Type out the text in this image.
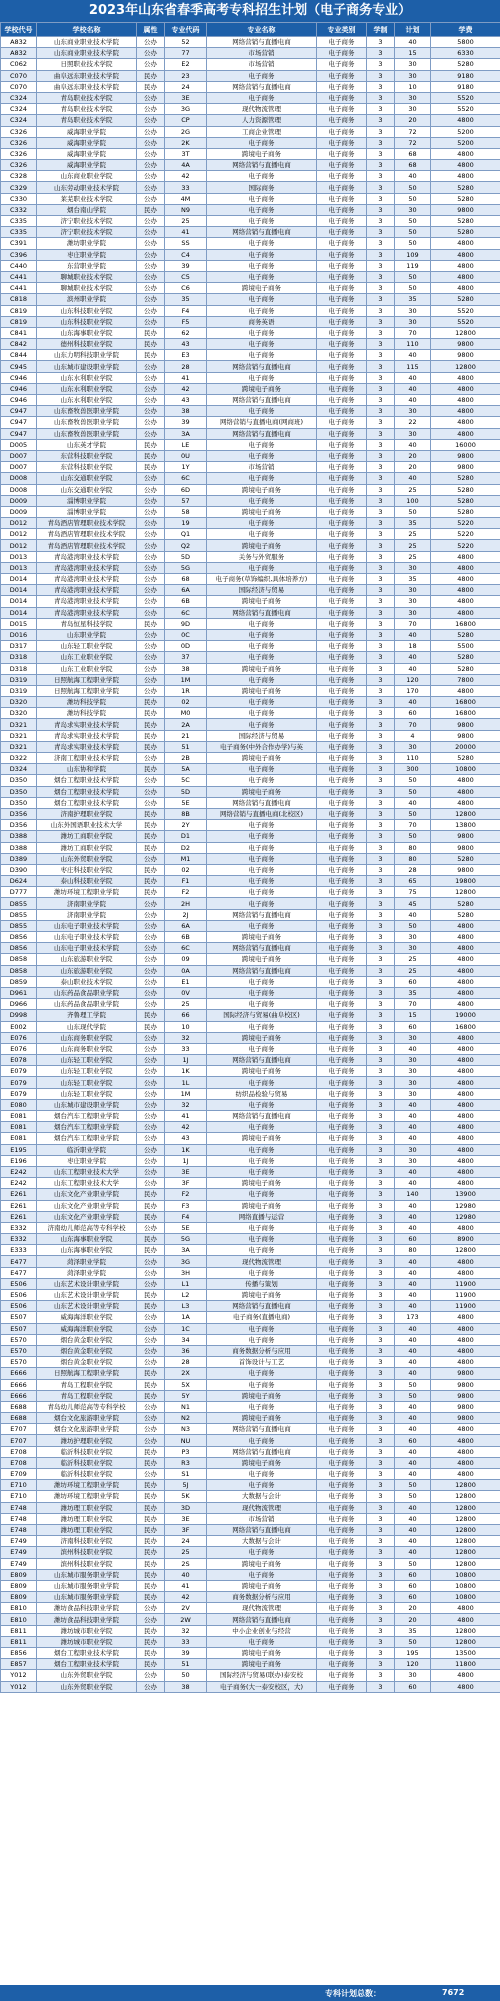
2023年山东省春季高考专科招生计划（电子商务专业）
学校代号	学校名称	属性	专业代码	专业名称	专业类别	学制	计划	学费
A832	山东商业职业技术学院	公办	52	网络营销与直播电商	电子商务	3	40	5800
A832	山东商业职业技术学院	公办	77	市场营销	电子商务	3	15	6330
C062	日照职业技术学院	公办	E2	市场营销	电子商务	3	30	5280
C070	曲阜远东职业技术学院	民办	23	电子商务	电子商务	3	30	9180
C070	曲阜远东职业技术学院	民办	24	网络营销与直播电商	电子商务	3	10	9180
C324	青岛职业技术学院	公办	3E	电子商务	电子商务	3	30	5520
C324	青岛职业技术学院	公办	3G	现代物流管理	电子商务	3	30	5520
C324	青岛职业技术学院	公办	CP	人力资源管理	电子商务	3	20	4800
C326	威海职业学院	公办	2G	工商企业管理	电子商务	3	72	5200
C326	威海职业学院	公办	2K	电子商务	电子商务	3	72	5200
C326	威海职业学院	公办	3T	跨境电子商务	电子商务	3	68	4800
C326	威海职业学院	公办	4A	网络营销与直播电商	电子商务	3	68	4800
C328	山东商业职业学院	公办	42	电子商务	电子商务	3	40	4800
C329	山东劳动职业技术学院	公办	33	国际商务	电子商务	3	50	5280
C330	莱芜职业技术学院	公办	4M	电子商务	电子商务	3	50	5280
C332	烟台南山学院	民办	N9	电子商务	电子商务	3	30	9800
C335	济宁职业技术学院	公办	25	电子商务	电子商务	3	50	5280
C335	济宁职业技术学院	公办	41	网络营销与直播电商	电子商务	3	50	5280
C391	潍坊职业学院	公办	SS	电子商务	电子商务	3	50	4800
C396	枣庄职业学院	公办	C4	电子商务	电子商务	3	109	4800
C440	东营职业学院	公办	39	电子商务	电子商务	3	119	4800
C441	聊城职业技术学院	公办	C5	电子商务	电子商务	3	50	4800
C441	聊城职业技术学院	公办	C6	跨境电子商务	电子商务	3	50	4800
C818	滨州职业学院	公办	35	电子商务	电子商务	3	35	5280
C819	山东科技职业学院	公办	F4	电子商务	电子商务	3	30	5520
C819	山东科技职业学院	公办	F5	商务英语	电子商务	3	30	5520
C841	山东海事职业学院	民办	62	电子商务	电子商务	3	70	12800
C842	德州科技职业学院	民办	43	电子商务	电子商务	3	110	9800
C844	山东力明科技职业学院	民办	E3	电子商务	电子商务	3	40	9800
C945	山东城市建设职业学院	公办	28	网络营销与直播电商	电子商务	3	115	12800
C946	山东水利职业学院	公办	41	电子商务	电子商务	3	40	4800
C946	山东水利职业学院	公办	42	跨境电子商务	电子商务	3	40	4800
C946	山东水利职业学院	公办	43	网络营销与直播电商	电子商务	3	40	4800
C947	山东畜牧兽医职业学院	公办	38	电子商务	电子商务	3	30	4800
C947	山东畜牧兽医职业学院	公办	39	网络营销与直播电商(网商班)	电子商务	3	22	4800
C947	山东畜牧兽医职业学院	公办	3A	网络营销与直播电商	电子商务	3	30	4800
D005	山东英才学院	民办	LE	电子商务	电子商务	3	40	16000
D007	东营科技职业学院	民办	0U	电子商务	电子商务	3	20	9800
D007	东营科技职业学院	民办	1Y	市场营销	电子商务	3	20	9800
D008	山东交通职业学院	公办	6C	电子商务	电子商务	3	40	5280
D008	山东交通职业学院	公办	6D	跨境电子商务	电子商务	3	25	5280
D009	淄博职业学院	公办	57	电子商务	电子商务	3	100	5280
D009	淄博职业学院	公办	58	跨境电子商务	电子商务	3	50	5280
D012	青岛酒店管理职业技术学院	公办	19	电子商务	电子商务	3	35	5220
D012	青岛酒店管理职业技术学院	公办	Q1	电子商务	电子商务	3	25	5220
D012	青岛酒店管理职业技术学院	公办	Q2	跨境电子商务	电子商务	3	25	5220
D013	青岛港湾职业技术学院	公办	5D	关务与外贸服务	电子商务	3	25	4800
D013	青岛港湾职业技术学院	公办	5G	电子商务	电子商务	3	30	4800
D014	青岛港湾职业技术学院	公办	68	电子商务(草饰编织,具体培养方)	电子商务	3	35	4800
D014	青岛港湾职业技术学院	公办	6A	国际经济与贸易	电子商务	3	30	4800
D014	青岛港湾职业技术学院	公办	6B	跨境电子商务	电子商务	3	30	4800
D014	青岛港湾职业技术学院	公办	6C	网络营销与直播电商	电子商务	3	30	4800
D015	青岛恒星科技学院	民办	9D	电子商务	电子商务	3	70	16800
D016	山东职业学院	公办	0C	电子商务	电子商务	3	40	5280
D317	山东轻工职业学院	公办	0D	电子商务	电子商务	3	18	5500
D318	山东工业职业学院	公办	37	电子商务	电子商务	3	40	5280
D318	山东工业职业学院	公办	38	跨境电子商务	电子商务	3	40	5280
D319	日照航海工程职业学院	公办	1M	电子商务	电子商务	3	120	7800
D319	日照航海工程职业学院	公办	1R	跨境电子商务	电子商务	3	170	4800
D320	潍坊科技学院	民办	02	电子商务	电子商务	3	40	16800
D320	潍坊科技学院	民办	M0	电子商务	电子商务	3	60	16800
D321	青岛求实职业技术学院	民办	2A	电子商务	电子商务	3	70	9800
D321	青岛求实职业技术学院	民办	21	国际经济与贸易	电子商务	3	4	9800
D321	青岛求实职业技术学院	民办	51	电子商务(中外合作办学)与英	电子商务	3	30	20000
D322	济南工程职业技术学院	公办	2B	跨境电子商务	电子商务	3	110	5280
D324	山东协和学院	民办	5A	电子商务	电子商务	3	300	10800
D350	烟台工程职业技术学院	公办	5C	电子商务	电子商务	3	50	4800
D350	烟台工程职业技术学院	公办	5D	跨境电子商务	电子商务	3	50	4800
D350	烟台工程职业技术学院	公办	5E	网络营销与直播电商	电子商务	3	40	4800
D356	济南护理职业学院	民办	8B	网络营销与直播电商(北校区)	电子商务	3	50	12800
D356	山东外国语职业技术大学	民办	2Y	电子商务	电子商务	3	70	13800
D388	潍坊工商职业学院	民办	D1	电子商务	电子商务	3	50	9800
D388	潍坊工商职业学院	民办	D2	电子商务	电子商务	3	80	9800
D389	山东外贸职业学院	公办	M1	电子商务	电子商务	3	80	5280
D390	枣庄科技职业学院	民办	02	电子商务	电子商务	3	28	9800
D624	泰山科技职业学院	民办	F1	电子商务	电子商务	3	65	19800
D777	潍坊环境工程职业学院	民办	F2	电子商务	电子商务	3	75	12800
D855	济南职业学院	公办	2H	电子商务	电子商务	3	45	5280
D855	济南职业学院	公办	2J	网络营销与直播电商	电子商务	3	40	5280
D855	山东电子职业技术学院	公办	6A	电子商务	电子商务	3	50	4800
D856	山东电子职业技术学院	公办	6B	跨境电子商务	电子商务	3	30	4800
D856	山东电子职业技术学院	公办	6C	网络营销与直播电商	电子商务	3	30	4800
D858	山东旅游职业学院	公办	09	跨境电子商务	电子商务	3	25	4800
D858	山东旅游职业学院	公办	0A	网络营销与直播电商	电子商务	3	25	4800
D859	泰山职业技术学院	公办	E1	电子商务	电子商务	3	60	4800
D961	山东药品食品职业学院	公办	0V	电子商务	电子商务	3	35	4800
D966	山东药品食品职业学院	公办	25	电子商务	电子商务	3	70	4800
D998	齐鲁理工学院	民办	66	国际经济与贸易(曲阜校区)	电子商务	3	15	19000
E002	山东现代学院	民办	10	电子商务	电子商务	3	60	16800
E076	山东商务职业学院	公办	32	跨境电子商务	电子商务	3	30	4800
E076	山东商务职业学院	公办	33	电子商务	电子商务	3	40	4800
E078	山东轻工职业学院	公办	1J	网络营销与直播电商	电子商务	3	30	4800
E079	山东轻工职业学院	公办	1K	跨境电子商务	电子商务	3	30	4800
E079	山东轻工职业学院	公办	1L	电子商务	电子商务	3	30	4800
E079	山东轻工职业学院	公办	1M	纺织品检验与贸易	电子商务	3	30	4800
E080	山东城市建设职业学院	公办	32	电子商务	电子商务	3	40	4800
E081	烟台汽车工程职业学院	公办	41	网络营销与直播电商	电子商务	3	40	4800
E081	烟台汽车工程职业学院	公办	42	电子商务	电子商务	3	40	4800
E081	烟台汽车工程职业学院	公办	43	跨境电子商务	电子商务	3	40	4800
E195	临沂职业学院	公办	1K	电子商务	电子商务	3	30	4800
E196	枣庄职业学院	公办	1J	电子商务	电子商务	3	30	4800
E242	山东工程职业技术大学	公办	3E	电子商务	电子商务	3	40	4800
E242	山东工程职业技术大学	公办	3F	跨境电子商务	电子商务	3	40	4800
E261	山东文化产业职业学院	民办	F2	电子商务	电子商务	3	140	13900
E261	山东文化产业职业学院	民办	F3	跨境电子商务	电子商务	3	40	12980
E261	山东文化产业职业学院	民办	F4	网络直播与运营	电子商务	3	40	12980
E332	济南幼儿师范高等专科学校	公办	5E	电子商务	电子商务	3	40	4800
E332	山东海事职业学院	民办	5G	电子商务	电子商务	3	60	8900
E333	山东海事职业学院	民办	3A	电子商务	电子商务	3	80	12800
E477	菏泽职业学院	公办	3G	现代物流管理	电子商务	3	40	4800
E477	菏泽职业学院	公办	3H	电子商务	电子商务	3	40	4800
E506	山东艺术设计职业学院	公办	L1	传播与策划	电子商务	3	40	11900
E506	山东艺术设计职业学院	民办	L2	跨境电子商务	电子商务	3	40	11900
E506	山东艺术设计职业学院	民办	L3	网络营销与直播电商	电子商务	3	40	11900
E507	威海海洋职业学院	公办	1A	电子商务(直播电商)	电子商务	3	173	4800
E507	威海海洋职业学院	公办	1C	电子商务	电子商务	3	40	4800
E570	烟台黄金职业学院	公办	34	电子商务	电子商务	3	40	4800
E570	烟台黄金职业学院	公办	36	商务数据分析与应用	电子商务	3	40	4800
E570	烟台黄金职业学院	公办	28	首饰设计与工艺	电子商务	3	40	4800
E666	日照航海工程职业学院	民办	2X	电子商务	电子商务	3	40	9800
E666	青岛工程职业学院	民办	5X	电子商务	电子商务	3	50	9800
E666	青岛工程职业学院	民办	5Y	跨境电子商务	电子商务	3	50	9800
E688	青岛幼儿师范高等专科学校	公办	N1	电子商务	电子商务	3	40	9800
E688	烟台文化旅游职业学院	公办	N2	跨境电子商务	电子商务	3	40	9800
E707	烟台文化旅游职业学院	公办	N3	网络营销与直播电商	电子商务	3	40	4800
E707	潍坊护理职业学院	公办	NU	电子商务	电子商务	3	60	4800
E708	临沂科技职业学院	民办	P3	网络营销与直播电商	电子商务	3	40	4800
E708	临沂科技职业学院	民办	R3	跨境电子商务	电子商务	3	40	4800
E709	临沂科技职业学院	公办	S1	电子商务	电子商务	3	40	4800
E710	潍坊环境工程职业学院	民办	5J	电子商务	电子商务	3	50	12800
E710	潍坊环境工程职业学院	民办	5K	大数据与会计	电子商务	3	50	12800
E748	潍坊理工职业学院	民办	3D	现代物流管理	电子商务	3	40	12800
E748	潍坊理工职业学院	民办	3E	市场营销	电子商务	3	40	12800
E748	潍坊理工职业学院	民办	3F	网络营销与直播电商	电子商务	3	40	12800
E749	济南科技职业学院	民办	24	大数据与会计	电子商务	3	40	12800
E749	滨州科技职业学院	民办	25	电子商务	电子商务	3	40	12800
E749	滨州科技职业学院	民办	2S	跨境电子商务	电子商务	3	50	12800
E809	山东城市服务职业学院	民办	40	电子商务	电子商务	3	60	10800
E809	山东城市服务职业学院	民办	41	跨境电子商务	电子商务	3	60	10800
E809	山东城市服务职业学院	民办	42	商务数据分析与应用	电子商务	3	60	10800
E810	潍坊食品科技职业学院	公办	2V	现代物流管理	电子商务	3	20	4800
E810	潍坊食品科技职业学院	公办	2W	网络营销与直播电商	电子商务	3	20	4800
E811	潍坊城市职业学院	民办	32	中小企业创业与经营	电子商务	3	35	12800
E811	潍坊城市职业学院	民办	33	电子商务	电子商务	3	50	12800
E856	烟台工程职业技术学院	民办	39	跨境电子商务	电子商务	3	195	13500
E857	烟台工程职业技术学院	民办	51	跨境电子商务	电子商务	3	120	11800
Y012	山东外贸职业学院	公办	50	国际经济与贸易(联办)泰安校	电子商务	3	30	4800
Y012	山东外贸职业学院	公办	38	电子商务(大一泰安校区，大)	电子商务	3	60	4800
专科计划总数：	7672
